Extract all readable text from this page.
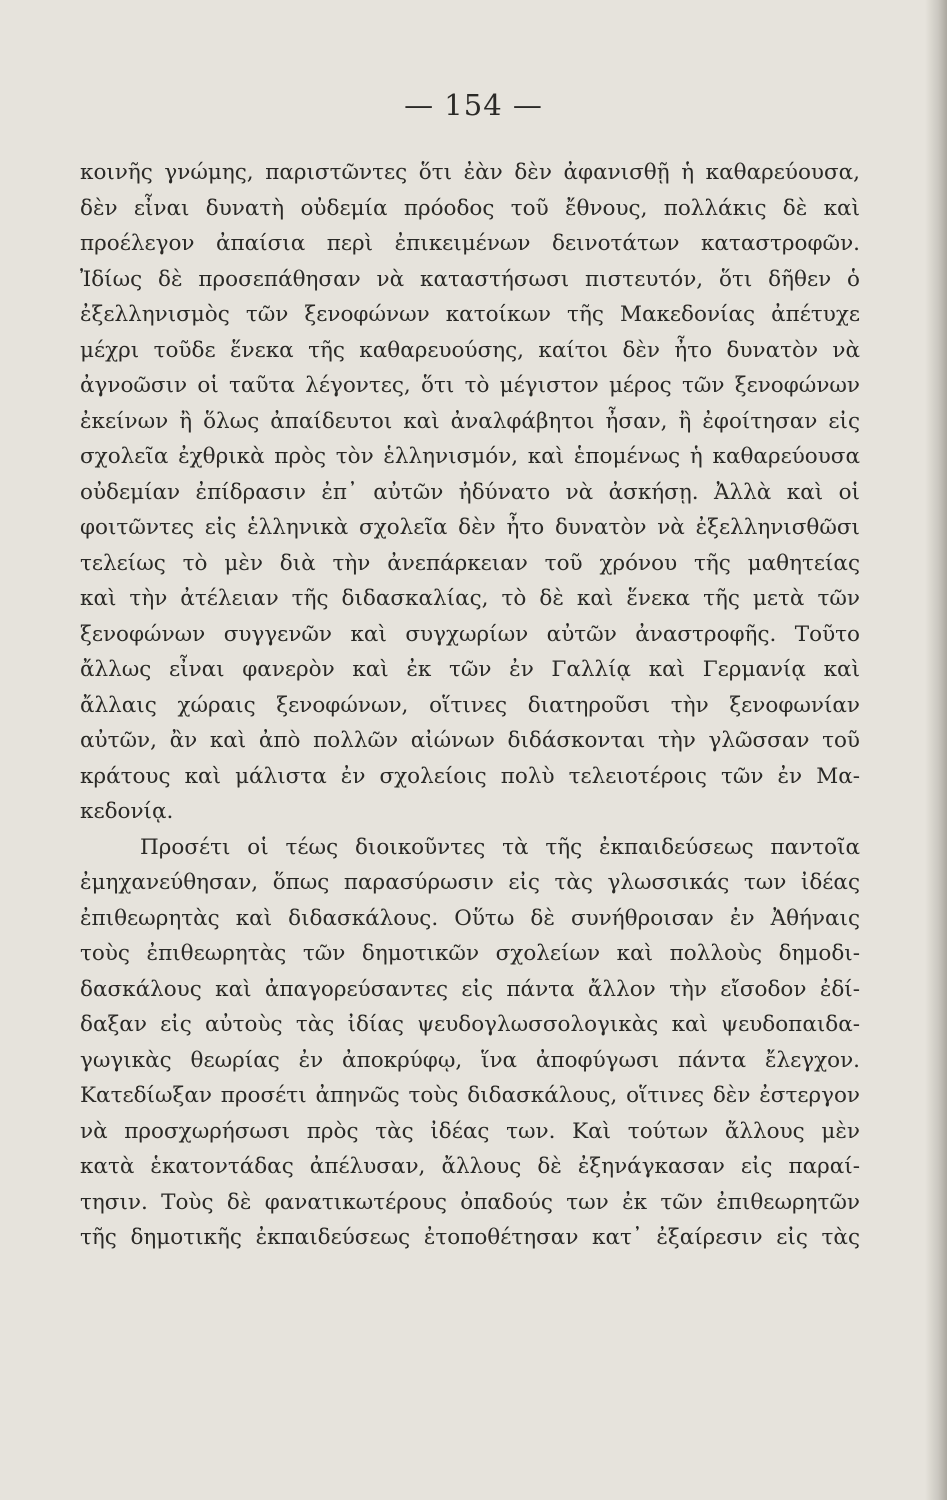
— 154 —
κοινῆς γνώμης, παριστῶντες ὅτι ἐὰν δὲν ἀφανισθῇ ἡ καθαρεύουσα,
δὲν εἶναι δυνατὴ οὐδεμία πρόοδος τοῦ ἔθνους, πολλάκις δὲ καὶ
προέλεγον ἀπαίσια περὶ ἐπικειμένων δεινοτάτων καταστροφῶν.
Ἰδίως δὲ προσεπάθησαν νὰ καταστήσωσι πιστευτόν, ὅτι δῆθεν ὁ
ἐξελληνισμὸς τῶν ξενοφώνων κατοίκων τῆς Μακεδονίας ἀπέτυχε
μέχρι τοῦδε ἕνεκα τῆς καθαρευούσης, καίτοι δὲν ἦτο δυνατὸν νὰ
ἀγνοῶσιν οἱ ταῦτα λέγοντες, ὅτι τὸ μέγιστον μέρος τῶν ξενοφώνων
ἐκείνων ἢ ὅλως ἀπαίδευτοι καὶ ἀναλφάβητοι ἦσαν, ἢ ἐφοίτησαν εἰς
σχολεῖα ἐχθρικὰ πρὸς τὸν ἑλληνισμόν, καὶ ἑπομένως ἡ καθαρεύουσα
οὐδεμίαν ἐπίδρασιν ἐπ᾿ αὐτῶν ἠδύνατο νὰ ἀσκήσῃ. Ἀλλὰ καὶ οἱ
φοιτῶντες εἰς ἑλληνικὰ σχολεῖα δὲν ἦτο δυνατὸν νὰ ἐξελληνισθῶσι
τελείως τὸ μὲν διὰ τὴν ἀνεπάρκειαν τοῦ χρόνου τῆς μαθητείας
καὶ τὴν ἀτέλειαν τῆς διδασκαλίας, τὸ δὲ καὶ ἕνεκα τῆς μετὰ τῶν
ξενοφώνων συγγενῶν καὶ συγχωρίων αὐτῶν ἀναστροφῆς. Τοῦτο
ἄλλως εἶναι φανερὸν καὶ ἐκ τῶν ἐν Γαλλίᾳ καὶ Γερμανίᾳ καὶ
ἄλλαις χώραις ξενοφώνων, οἵτινες διατηροῦσι τὴν ξενοφωνίαν
αὐτῶν, ἂν καὶ ἀπὸ πολλῶν αἰώνων διδάσκονται τὴν γλῶσσαν τοῦ
κράτους καὶ μάλιστα ἐν σχολείοις πολὺ τελειοτέροις τῶν ἐν Μα-
κεδονίᾳ.
Προσέτι οἱ τέως διοικοῦντες τὰ τῆς ἐκπαιδεύσεως παντοῖα
ἐμηχανεύθησαν, ὅπως παρασύρωσιν εἰς τὰς γλωσσικάς των ἰδέας
ἐπιθεωρητὰς καὶ διδασκάλους. Οὕτω δὲ συνήθροισαν ἐν Ἀθήναις
τοὺς ἐπιθεωρητὰς τῶν δημοτικῶν σχολείων καὶ πολλοὺς δημοδι-
δασκάλους καὶ ἀπαγορεύσαντες εἰς πάντα ἄλλον τὴν εἴσοδον ἐδί-
δαξαν εἰς αὐτοὺς τὰς ἰδίας ψευδογλωσσολογικὰς καὶ ψευδοπαιδα-
γωγικὰς θεωρίας ἐν ἀποκρύφῳ, ἵνα ἀποφύγωσι πάντα ἔλεγχον.
Κατεδίωξαν προσέτι ἀπηνῶς τοὺς διδασκάλους, οἵτινες δὲν ἐστεργον
νὰ προσχωρήσωσι πρὸς τὰς ἰδέας των. Καὶ τούτων ἄλλους μὲν
κατὰ ἑκατοντάδας ἀπέλυσαν, ἄλλους δὲ ἐξηνάγκασαν εἰς παραί-
τησιν. Τοὺς δὲ φανατικωτέρους ὀπαδούς των ἐκ τῶν ἐπιθεωρητῶν
τῆς δημοτικῆς ἐκπαιδεύσεως ἐτοποθέτησαν κατ᾿ ἐξαίρεσιν εἰς τὰς
